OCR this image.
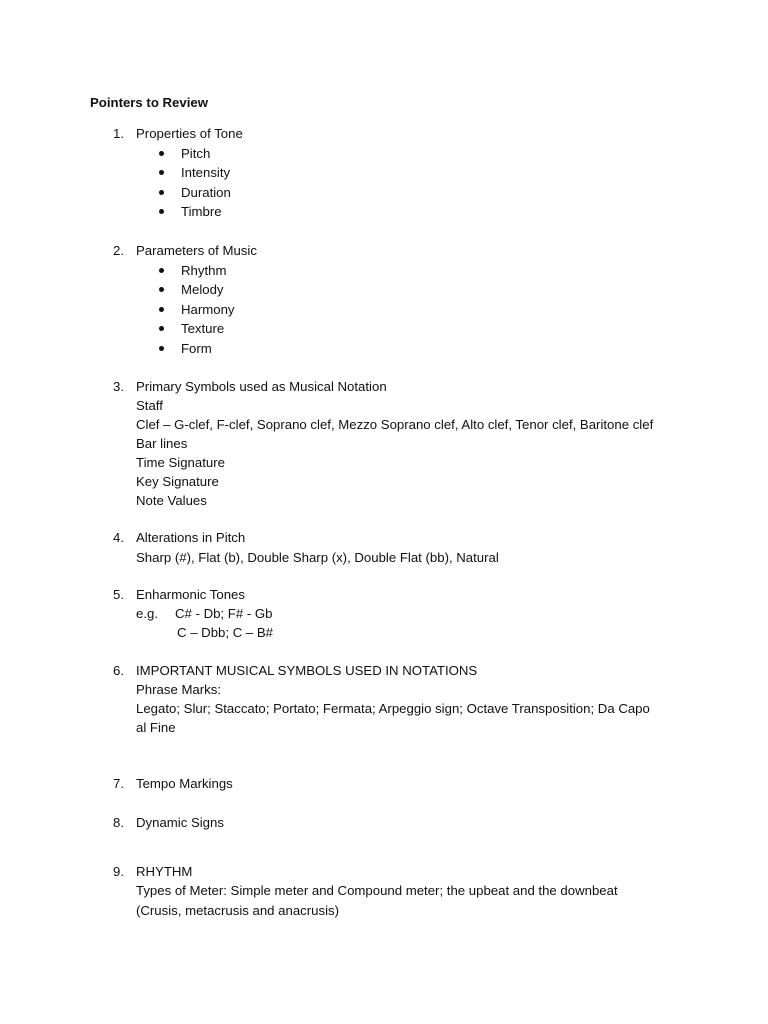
Pointers to Review
1. Properties of Tone
Pitch
Intensity
Duration
Timbre
2. Parameters of Music
Rhythm
Melody
Harmony
Texture
Form
3. Primary Symbols used as Musical Notation
Staff
Clef – G-clef, F-clef, Soprano clef, Mezzo Soprano clef, Alto clef, Tenor clef, Baritone clef
Bar lines
Time Signature
Key Signature
Note Values
4. Alterations in Pitch
Sharp (#), Flat (b), Double Sharp (x), Double Flat (bb), Natural
5. Enharmonic Tones
e.g. C# - Db; F# - Gb
C – Dbb; C – B#
6. IMPORTANT MUSICAL SYMBOLS USED IN NOTATIONS
Phrase Marks:
Legato; Slur; Staccato; Portato; Fermata; Arpeggio sign; Octave Transposition; Da Capo
al Fine
7. Tempo Markings
8. Dynamic Signs
9. RHYTHM
Types of Meter: Simple meter and Compound meter; the upbeat and the downbeat
(Crusis, metacrusis and anacrusis)
